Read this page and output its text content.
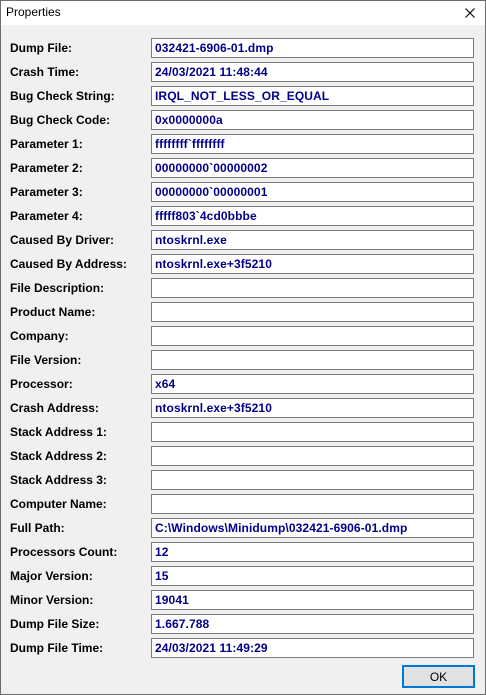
Properties
Dump File:	032421-6906-01.dmp
Crash Time:	24/03/2021 11:48:44
Bug Check String:	IRQL_NOT_LESS_OR_EQUAL
Bug Check Code:	0x0000000a
Parameter 1:	ffffffff`ffffffff
Parameter 2:	00000000`00000002
Parameter 3:	00000000`00000001
Parameter 4:	fffff803`4cd0bbbe
Caused By Driver:	ntoskrnl.exe
Caused By Address: ntoskrnl.exe+3f5210
File Description:
Product Name:
Company:
File Version:
Processor:	x64
Crash Address:	ntoskrnl.exe+3f5210
Stack Address 1:
Stack Address 2:
Stack Address 3:
Computer Name:
Full Path:	C:\Windows\Minidump\032421-6906-01.dmp
Processors Count:	12
Major Version:	15
Minor Version:	19041
Dump File Size:	1.667.788
Dump File Time:	24/03/2021 11:49:29
OK
